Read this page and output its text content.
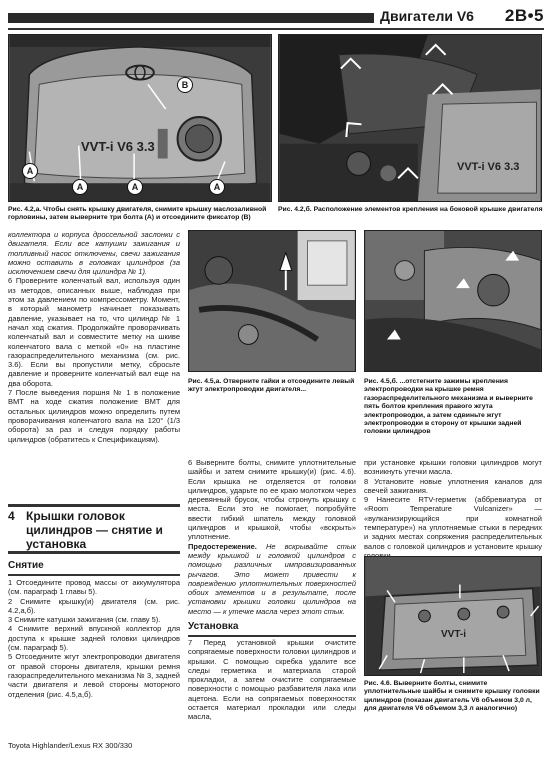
Двигатели V6 2B•5
VVT-i V6 3.3
A
A	A	A
B
Рис. 4.2,а. Чтобы снять крышку двигателя, снимите крышку маслозаливной горловины, затем выверните три болта (А) и отсоедините фиксатор (В)
VVT-i V6 3.3
Рис. 4.2,б. Расположение элементов крепления на боковой крышке двигателя

коллектора и корпуса дроссельной заслонки с двигателя. Если все катушки зажигания и топливный насос отключены, свечи зажигания можно оставить в головках цилиндров (за исключением свечи для цилиндра № 1).

6 Проверните коленчатый вал, используя один из методов, описанных выше, наблюдая при этом за давлением по компрессометру. Момент, в который манометр начинает показывать давление, указывает на то, что цилиндр № 1 начал ход сжатия. Продолжайте проворачивать коленчатый вал и совместите метку на шкиве коленчатого вала с меткой «0» на пластине газораспределительного механизма (см. рис. 3.6). Если вы пропустили метку, сбросьте давление и проверните коленчатый вал еще на два оборота.

7 После выведения поршня № 1 в положение ВМТ на ходе сжатия положение ВМТ для остальных цилиндров можно определить путем проворачивания коленчатого вала на 120° (1/3 оборота) за раз и следуя порядку работы цилиндров (обратитесь к Спецификациям).

4 Крышки головок цилиндров — снятие и установка
Снятие

1 Отсоедините провод массы от аккумулятора (см. параграф 1 главы 5).

2 Снимите крышку(и) двигателя (см. рис. 4.2,а,б).

3 Снимите катушки зажигания (см. главу 5).

4 Снимите верхний впускной коллектор для доступа к крышке задней головки цилиндров (см. параграф 5).

5 Отсоедините жгут электропроводки двигателя от правой стороны двигателя, крышки ремня газораспределительного механизма № 3, задней части двигателя и левой стороны моторного отделения (рис. 4.5,а,б).

Рис. 4.5,а. Отверните гайки и отсоедините левый жгут электропроводки двигателя...
Рис. 4.5,б. ...отстегните зажимы крепления электропроводки на крышке ремня газораспределительного механизма и выверните пять болтов крепления правого жгута электропроводки, а затем сдвиньте жгут электропроводки в сторону от крышки задней головки цилиндров

6 Выверните болты, снимите уплотнительные шайбы и затем снимите крышку(и) (рис. 4.6). Если крышка не отделяется от головки цилиндров, ударьте по ее краю молотком через деревянный брусок, чтобы стронуть крышку с места. Если это не помогает, попробуйте ввести гибкий шпатель между головкой цилиндров и крышкой, чтобы «вскрыть» уплотнение.

Предостережение. Не вскрывайте стык между крышкой и головкой цилиндров с помощью различных импровизированных рычагов. Это может привести к повреждению уплотнительных поверхностей обоих элементов и в результате, после установки крышки головки цилиндров на место — к утечке масла через этот стык.

Установка

7 Перед установкой крышки очистите сопрягаемые поверхности головки цилиндров и крышки. С помощью скребка удалите все следы герметика и материала старой прокладки, а затем очистите сопрягаемые поверхности с помощью разбавителя лака или ацетона. Если на сопрягаемых поверхностях остается материал прокладки или следы масла,

при установке крышки головки цилиндров могут возникнуть утечки масла.

8 Установите новые уплотнения каналов для свечей зажигания.

9 Нанесите RTV-герметик (аббревиатура от «Room Temperature Vulcanizer» — «вулканизирующийся при комнатной температуре») на уплотняемые стыки в передних и задних местах сопряжения распределительных валов с головкой цилиндров и установите крышку

VVT-i
Рис. 4.6. Выверните болты, снимите уплотнительные шайбы и снимите крышку головки цилиндров (показан двигатель V6 объемом 3,0 л, для двигателя V6 объемом 3,3 л аналогично)
Toyota Highlander/Lexus RX 300/330
